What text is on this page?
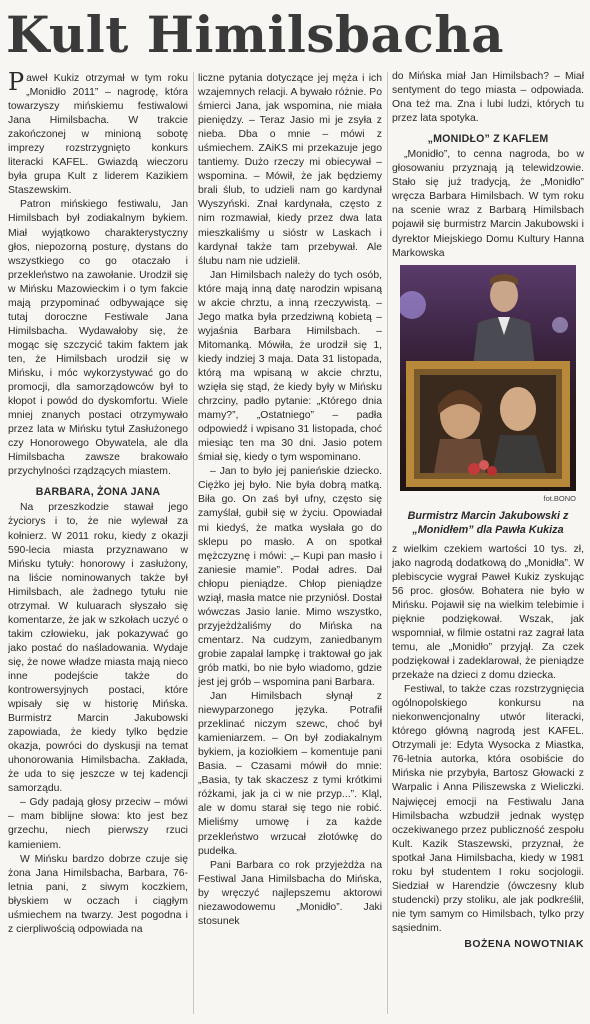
Kult Himilsbacha

Paweł Kukiz otrzymał w tym roku „Monidło 2011” – nagrodę, która towarzyszy mińskiemu festiwalowi Jana Himilsbacha. W trakcie zakończonej w minioną sobotę imprezy rozstrzygnięto konkurs literacki KAFEL. Gwiazdą wieczoru była grupa Kult z liderem Kazikiem Staszewskim.

Patron mińskiego festiwalu, Jan Himilsbach był zodiakalnym bykiem. Miał wyjątkowo charakterystyczny głos, niepozorną posturę, dystans do wszystkiego co go otaczało i przekleństwo na zawołanie. Urodził się w Mińsku Mazowieckim i o tym fakcie mają przypominać odbywające się tutaj doroczne Festiwale Jana Himilsbacha. Wydawałoby się, że mogąc się szczycić takim faktem jak ten, że Himilsbach urodził się w Mińsku, i móc wykorzystywać go do promocji, dla samorządowców był to kłopot i powód do dyskomfortu. Wiele mniej znanych postaci otrzymywało przez lata w Mińsku tytuł Zasłużonego czy Honorowego Obywatela, ale dla Himilsbacha zawsze brakowało przychylności rządzących miastem.

BARBARA, ŻONA JANA

Na przeszkodzie stawał jego życiorys i to, że nie wylewał za kołnierz. W 2011 roku, kiedy z okazji 590-lecia miasta przyznawano w Mińsku tytuły: honorowy i zasłużony, na liście nominowanych także był Himilsbach, ale żadnego tytułu nie otrzymał. W kuluarach słyszało się komentarze, że jak w szkołach uczyć o takim człowieku, jak pokazywać go jako postać do naśladowania. Wydaje się, że nowe władze miasta mają nieco inne podejście także do kontrowersyjnych postaci, które wpisały się w historię Mińska. Burmistrz Marcin Jakubowski zapowiada, że kiedy tylko będzie okazja, powróci do dyskusji na temat uhonorowania Himilsbacha. Zakłada, że uda to się jeszcze w tej kadencji samorządu.

– Gdy padają głosy przeciw – mówi – mam biblijne słowa: kto jest bez grzechu, niech pierwszy rzuci kamieniem.

W Mińsku bardzo dobrze czuje się żona Jana Himilsbacha, Barbara, 76-letnia pani, z siwym koczkiem, błyskiem w oczach i ciągłym uśmiechem na twarzy. Jest pogodna i z cierpliwością odpowiada na

liczne pytania dotyczące jej męża i ich wzajemnych relacji. A bywało różnie. Po śmierci Jana, jak wspomina, nie miała pieniędzy. – Teraz Jasio mi je zsyła z nieba. Dba o mnie – mówi z uśmiechem. ZAiKS mi przekazuje jego tantiemy. Dużo rzeczy mi obiecywał – wspomina. – Mówił, że jak będziemy brali ślub, to udzieli nam go kardynał Wyszyński. Znał kardynała, często z nim rozmawiał, kiedy przez dwa lata mieszkaliśmy u sióstr w Laskach i kardynał także tam przebywał. Ale ślubu nam nie udzielił.

Jan Himilsbach należy do tych osób, które mają inną datę narodzin wpisaną w akcie chrztu, a inną rzeczywistą. – Jego matka była przedziwną kobietą – wyjaśnia Barbara Himilsbach. – Mitomanką. Mówiła, że urodził się 1, kiedy indziej 3 maja. Data 31 listopada, którą ma wpisaną w akcie chrztu, wzięła się stąd, że kiedy były w Mińsku chrzciny, padło pytanie: „Którego dnia mamy?”, „Ostatniego” – padła odpowiedź i wpisano 31 listopada, choć miesiąc ten ma 30 dni. Jasio potem śmiał się, kiedy o tym wspominano.

– Jan to było jej panieńskie dziecko. Ciężko jej było. Nie była dobrą matką. Biła go. On zaś był ufny, często się zamyślał, gubił się w życiu. Opowiadał mi kiedyś, że matka wysłała go do sklepu po masło. A on spotkał mężczyznę i mówi: „– Kupi pan masło i zaniesie mamie”. Podał adres. Dał chłopu pieniądze. Chłop pieniądze wziął, masła matce nie przyniósł. Dostał wówczas Jasio lanie. Mimo wszystko, przyjeżdżaliśmy do Mińska na cmentarz. Na cudzym, zaniedbanym grobie zapalał lampkę i traktował go jak grób matki, bo nie było wiadomo, gdzie jest jej grób – wspomina pani Barbara.

Jan Himilsbach słynął z niewyparzonego języka. Potrafił przeklinać niczym szewc, choć był kamieniarzem. – On był zodiakalnym bykiem, ja koziołkiem – komentuje pani Basia. – Czasami mówił do mnie: „Basia, ty tak skaczesz z tymi krótkimi różkami, jak ja ci w nie przyp...”. Kląl, ale w domu starał się tego nie robić. Mieliśmy umowę i za każde przekleństwo wrzucał złotówkę do pudełka.

Pani Barbara co rok przyjeżdża na Festiwal Jana Himilsbacha do Mińska, by wręczyć najlepszemu aktorowi niezawodowemu „Monidło”. Jaki stosunek

do Mińska miał Jan Himilsbach? – Miał sentyment do tego miasta – odpowiada. Ona też ma. Zna i lubi ludzi, których tu przez lata spotyka.

„MONIDŁO” Z KAFLEM

„Monidło”, to cenna nagroda, bo w głosowaniu przyznają ją telewidzowie. Stało się już tradycją, że „Monidło” wręcza Barbara Himilsbach. W tym roku na scenie wraz z Barbarą Himilsbach pojawił się burmistrz Marcin Jakubowski i dyrektor Miejskiego Domu Kultury Hanna Markowska

fot.BONO
Burmistrz Marcin Jakubowski z „Monidłem” dla Pawła Kukiza

z wielkim czekiem wartości 10 tys. zł, jako nagrodą dodatkową do „Monidła”. W plebiscycie wygrał Paweł Kukiz zyskując 56 proc. głosów. Bohatera nie było w Mińsku. Pojawił się na wielkim telebimie i pięknie podziękował. Wszak, jak wspomniał, w filmie ostatni raz zagrał lata temu, ale „Monidło” przyjął. Za czek podziękował i zadeklarował, że pieniądze przekaże na dzieci z domu dziecka.

Festiwal, to także czas rozstrzygnięcia ogólnopolskiego konkursu na niekonwencjonalny utwór literacki, którego główną nagrodą jest KAFEL. Otrzymali je: Edyta Wysocka z Miastka, 76-letnia autorka, która osobiście do Mińska nie przybyła, Bartosz Głowacki z Warpalic i Anna Piliszewska z Wieliczki. Najwięcej emocji na Festiwalu Jana Himilsbacha wzbudził jednak występ oczekiwanego przez publiczność zespołu Kult. Kazik Staszewski, przyznał, że spotkał Jana Himilsbacha, kiedy w 1981 roku był studentem I roku socjologii. Siedział w Harendzie (ówczesny klub studencki) przy stoliku, ale jak podkreślił, nie tym samym co Himilsbach, tylko przy sąsiednim.

BOŻENA NOWOTNIAK
